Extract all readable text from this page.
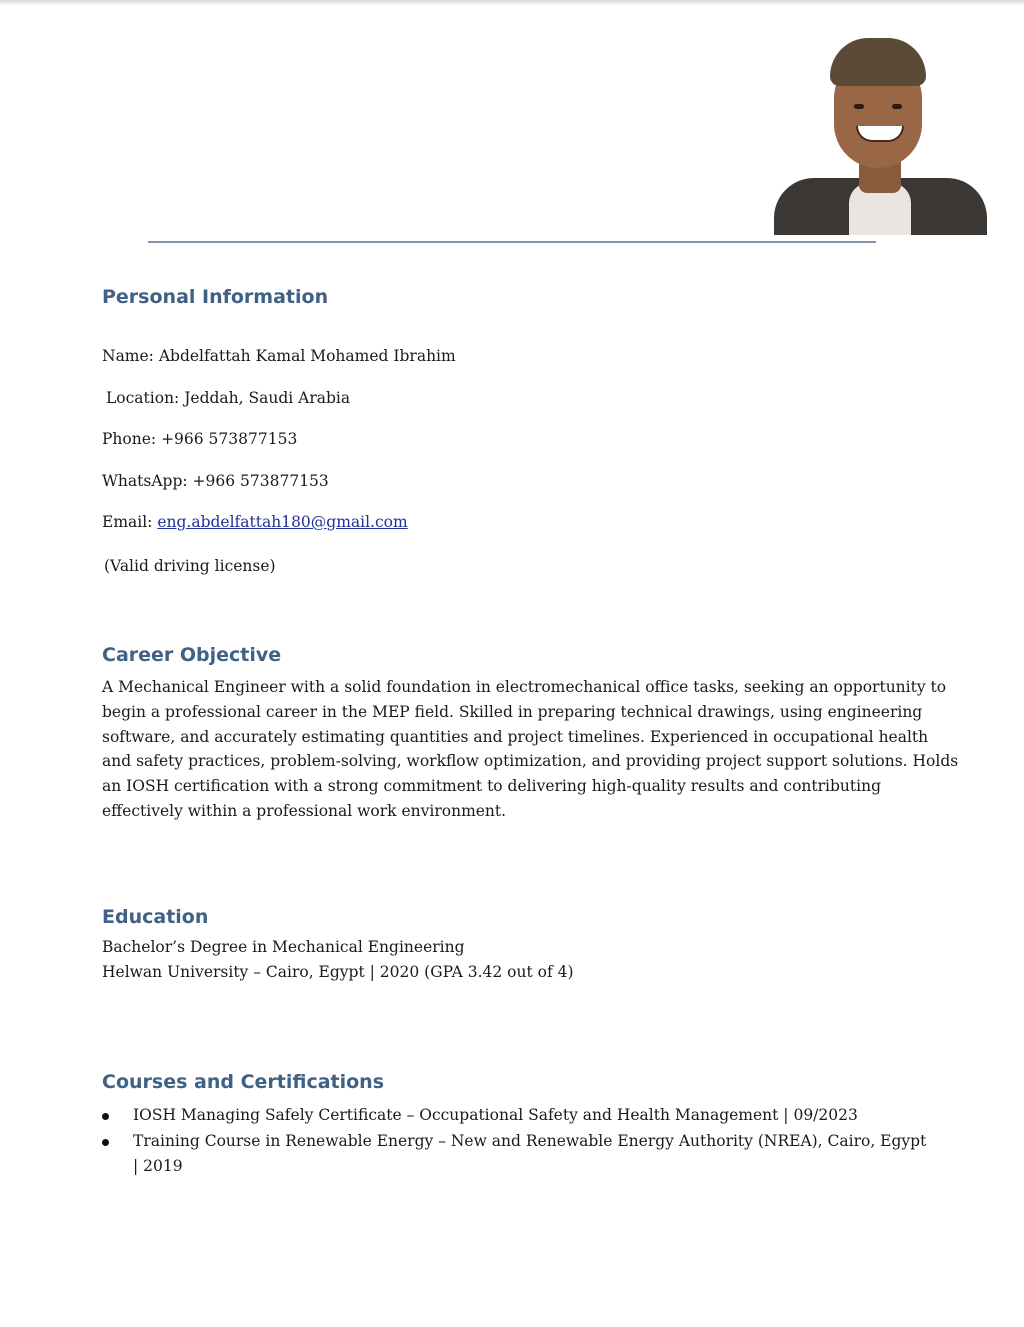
Personal Information

Name: Abdelfattah Kamal Mohamed Ibrahim

Location: Jeddah, Saudi Arabia

Phone: +966 573877153

WhatsApp: +966 573877153

Email: eng.abdelfattah180@gmail.com

(Valid driving license)

Career Objective

A Mechanical Engineer with a solid foundation in electromechanical office tasks, seeking an opportunity to begin a professional career in the MEP field. Skilled in preparing technical drawings, using engineering software, and accurately estimating quantities and project timelines. Experienced in occupational health and safety practices, problem-solving, workflow optimization, and providing project support solutions. Holds an IOSH certification with a strong commitment to delivering high-quality results and contributing effectively within a professional work environment.

Education

Bachelor’s Degree in Mechanical Engineering

Helwan University – Cairo, Egypt | 2020 (GPA 3.42 out of 4)

Courses and Certifications
IOSH Managing Safely Certificate – Occupational Safety and Health Management | 09/2023
Training Course in Renewable Energy – New and Renewable Energy Authority (NREA), Cairo, Egypt | 2019
